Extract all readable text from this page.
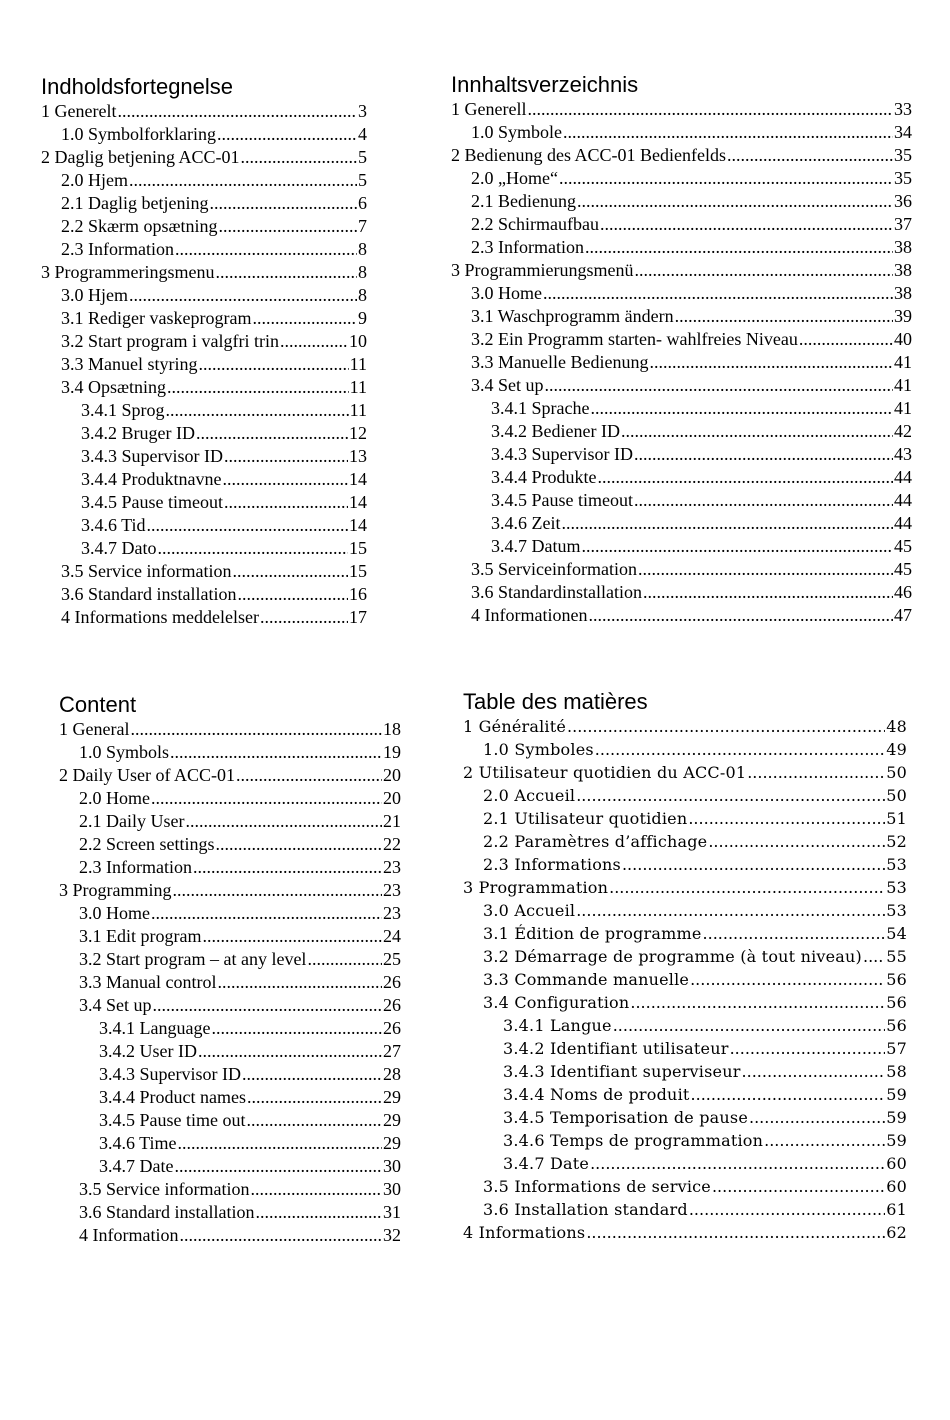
Indholdsfortegnelse
1 Generelt .....	3
1.0 Symbolforklaring .....	4
2 Daglig betjening ACC-01 .....	5
2.0 Hjem .....	5
2.1 Daglig betjening .....	6
2.2 Skærm opsætning .....	7
2.3 Information .....	8
3 Programmeringsmenu .....	8
3.0 Hjem .....	8
3.1 Rediger vaskeprogram .....	9
3.2 Start program i valgfri trin .....	10
3.3 Manuel styring .....	11
3.4 Opsætning .....	11
3.4.1 Sprog .....	11
3.4.2 Bruger ID .....	12
3.4.3 Supervisor ID .....	13
3.4.4 Produktnavne .....	14
3.4.5 Pause timeout .....	14
3.4.6 Tid .....	14
3.4.7 Dato .....	15
3.5 Service information .....	15
3.6 Standard installation .....	16
4 Informations meddelelser .....	17
Innhaltsverzeichnis
1 Generell .....	33
1.0 Symbole .....	34
2 Bedienung des ACC-01 Bedienfelds .....	35
2.0 „Home“ .....	35
2.1 Bedienung .....	36
2.2 Schirmaufbau .....	37
2.3 Information .....	38
3 Programmierungsmenü .....	38
3.0 Home .....	38
3.1 Waschprogramm ändern .....	39
3.2 Ein Programm starten- wahlfreies Niveau .....	40
3.3 Manuelle Bedienung .....	41
3.4 Set up .....	41
3.4.1 Sprache .....	41
3.4.2 Bediener ID .....	42
3.4.3 Supervisor ID .....	43
3.4.4 Produkte .....	44
3.4.5 Pause timeout .....	44
3.4.6 Zeit .....	44
3.4.7 Datum .....	45
3.5 Serviceinformation .....	45
3.6 Standardinstallation .....	46
4 Informationen .....	47
Content
1 General .....	18
1.0 Symbols .....	19
2 Daily User of ACC-01 .....	20
2.0 Home .....	20
2.1 Daily User .....	21
2.2 Screen settings .....	22
2.3 Information .....	23
3 Programming .....	23
3.0 Home .....	23
3.1 Edit program .....	24
3.2 Start program – at any level .....	25
3.3 Manual control .....	26
3.4 Set up .....	26
3.4.1 Language .....	26
3.4.2 User ID .....	27
3.4.3 Supervisor ID .....	28
3.4.4 Product names .....	29
3.4.5 Pause time out .....	29
3.4.6 Time .....	29
3.4.7 Date .....	30
3.5 Service information .....	30
3.6 Standard installation .....	31
4 Information .....	32
Table des matières
1 Généralité .....	48
1.0 Symboles .....	49
2 Utilisateur quotidien du ACC-01 .....	50
2.0 Accueil .....	50
2.1 Utilisateur quotidien .....	51
2.2 Paramètres d’affichage .....	52
2.3 Informations .....	53
3 Programmation .....	53
3.0 Accueil .....	53
3.1 Édition de programme .....	54
3.2 Démarrage de programme (à tout niveau) ..... 55
3.3 Commande manuelle .....	56
3.4 Configuration .....	56
3.4.1 Langue .....	56
3.4.2 Identifiant utilisateur .....	57
3.4.3 Identifiant superviseur .....	58
3.4.4 Noms de produit .....	59
3.4.5 Temporisation de pause .....	59
3.4.6 Temps de programmation .....	59
3.4.7 Date .....	60
3.5 Informations de service .....	60
3.6 Installation standard .....	61
4 Informations .....	62
